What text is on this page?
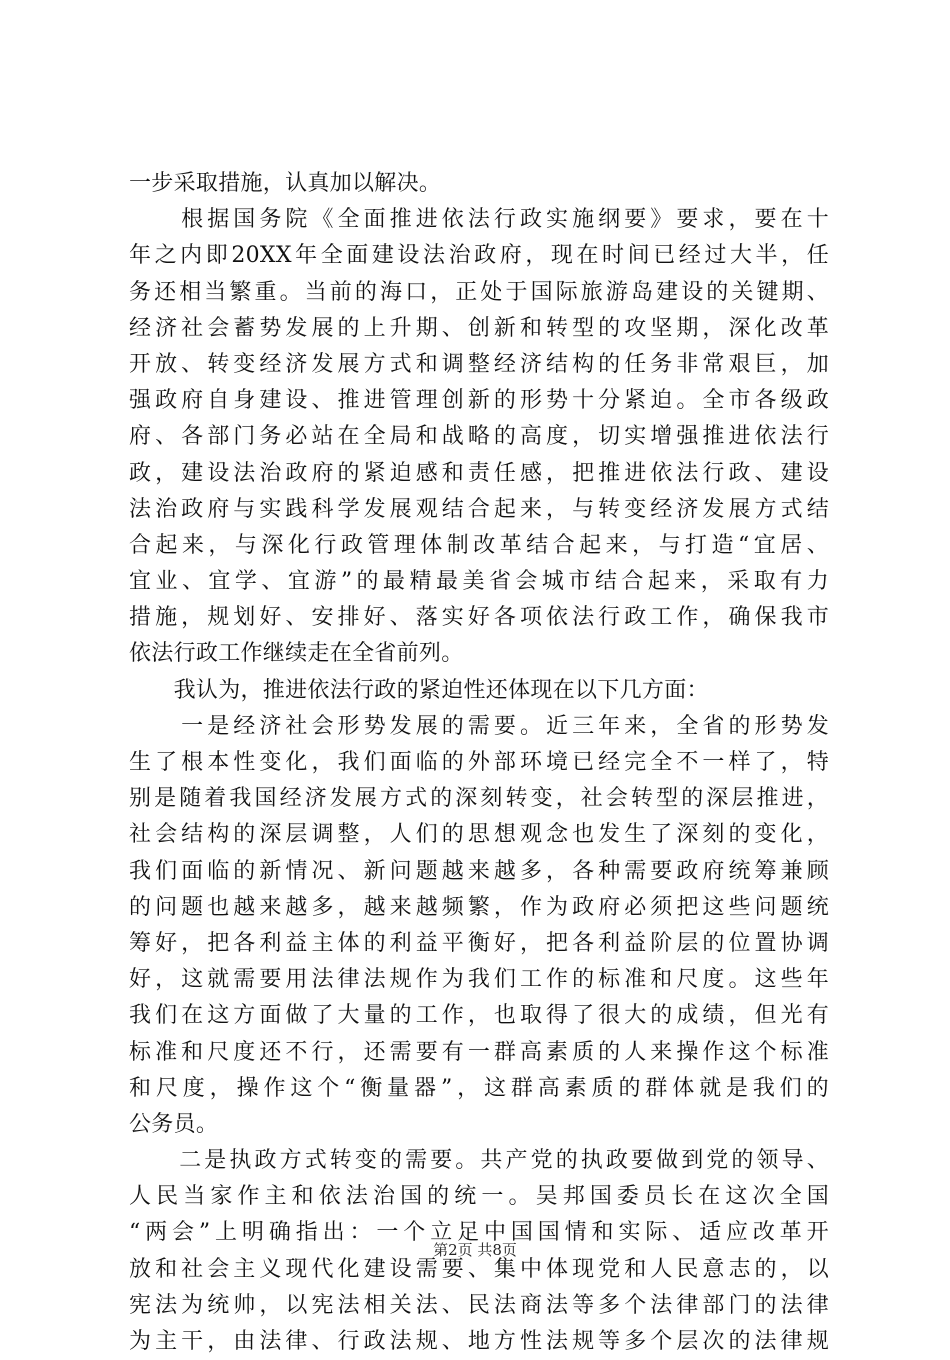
一步采取措施，认真加以解决。
　　根据国务院《全面推进依法行政实施纲要》要求，要在十
年之内即20XX年全面建设法治政府，现在时间已经过大半，任
务还相当繁重。当前的海口，正处于国际旅游岛建设的关键期、
经济社会蓄势发展的上升期、创新和转型的攻坚期，深化改革
开放、转变经济发展方式和调整经济结构的任务非常艰巨，加
强政府自身建设、推进管理创新的形势十分紧迫。全市各级政
府、各部门务必站在全局和战略的高度，切实增强推进依法行
政，建设法治政府的紧迫感和责任感，把推进依法行政、建设
法治政府与实践科学发展观结合起来，与转变经济发展方式结
合起来，与深化行政管理体制改革结合起来，与打造“宜居、
宜业、宜学、宜游”的最精最美省会城市结合起来，采取有力
措施，规划好、安排好、落实好各项依法行政工作，确保我市
依法行政工作继续走在全省前列。
　　我认为，推进依法行政的紧迫性还体现在以下几方面：
　　一是经济社会形势发展的需要。近三年来，全省的形势发
生了根本性变化，我们面临的外部环境已经完全不一样了，特
别是随着我国经济发展方式的深刻转变，社会转型的深层推进，
社会结构的深层调整，人们的思想观念也发生了深刻的变化，
我们面临的新情况、新问题越来越多，各种需要政府统筹兼顾
的问题也越来越多，越来越频繁，作为政府必须把这些问题统
筹好，把各利益主体的利益平衡好，把各利益阶层的位置协调
好，这就需要用法律法规作为我们工作的标准和尺度。这些年
我们在这方面做了大量的工作，也取得了很大的成绩，但光有
标准和尺度还不行，还需要有一群高素质的人来操作这个标准
和尺度，操作这个“衡量器”，这群高素质的群体就是我们的
公务员。
　　二是执政方式转变的需要。共产党的执政要做到党的领导、
人民当家作主和依法治国的统一。吴邦国委员长在这次全国
“两会”上明确指出：一个立足中国国情和实际、适应改革开
放和社会主义现代化建设需要、集中体现党和人民意志的，以
宪法为统帅，以宪法相关法、民法商法等多个法律部门的法律
为主干，由法律、行政法规、地方性法规等多个层次的法律规
第2页 共8页
